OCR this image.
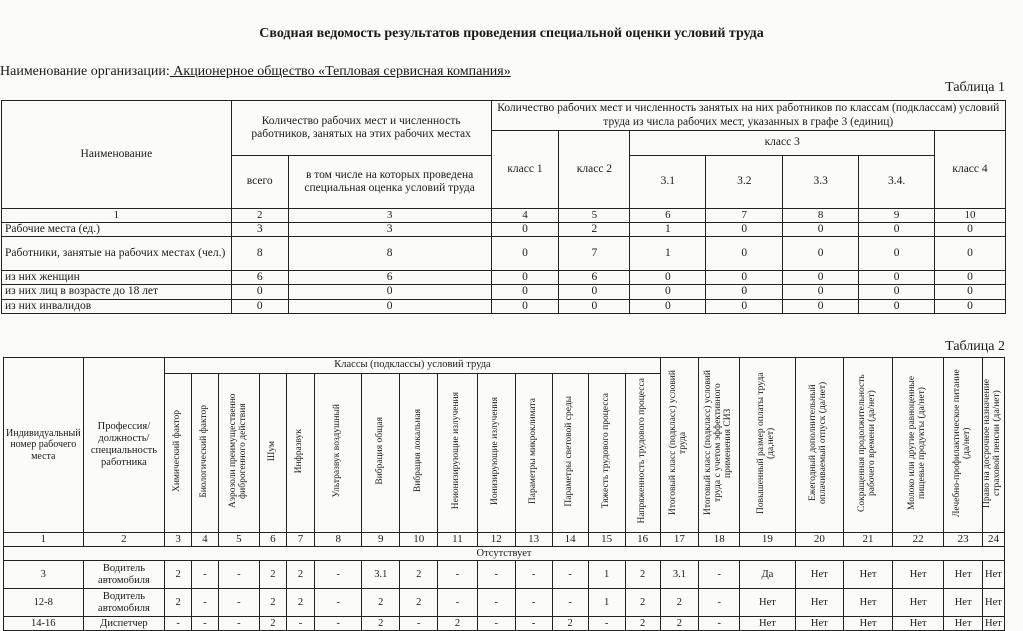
Сводная ведомость результатов проведения специальной оценки условий труда
Наименование организации: Акционерное общество «Тепловая сервисная компания»
Таблица 1
Наименование	Количество рабочих мест и численность работников, занятых на этих рабочих местах		Количество рабочих мест и численность занятых на них работников по классам (подклассам) условий труда из числа рабочих мест, указанных в графе 3 (единиц)						
			класс 1	класс 2	класс 3				класс 4
	всего	в том числе на которых проведена специальная оценка условий труда			3.1	3.2	3.3	3.4.	
1	2	3	4	5	6	7	8	9	10
Рабочие места (ед.)	3	3	0	2	1	0	0	0	0
Работники, занятые на рабочих местах (чел.)	8	8	0	7	1	0	0	0	0
из них женщин	6	6	0	6	0	0	0	0	0
из них лиц в возрасте до 18 лет	0	0	0	0	0	0	0	0	0
из них инвалидов	0	0	0	0	0	0	0	0	0
Таблица 2
Индивидуальный номер рабочего места	Профессия/должность/специальность работника	Классы (подклассы) условий труда														Итоговый класс (подкласс) условий труда	Итоговый класс (подкласс) условий труда с учетом эффективного применения СИЗ	Повышенный размер оплаты труда (да,нет)	Ежегодный дополнительный оплачиваемый отпуск (да/нет)	Сокращенная продолжительность рабочего времени (да/нет)	Молоко или другие равноценные пищевые продукты (да/нет)	Лечебно-профилактическое питание (да/нет)	Право на досрочное назначение страховой пенсии (да/нет)
		Химический фактор	Биологический фактор	Аэрозоли преимущественно фиброгенного действия	Шум	Инфразвук	Ультразвук воздушный	Вибрация общая	Вибрация локальная	Неионизирующие излучения	Ионизирующие излучения	Параметры микроклимата	Параметры световой среды	Тяжесть трудового процесса	Напряженность трудового процесса								
1	2	3	4	5	6	7	8	9	10	11	12	13	14	15	16	17	18	19	20	21	22	23	24
Отсутствует																							
3	Водитель автомобиля	2	-	-	2	2	-	3.1	2	-	-	-	-	1	2	3.1	-	Да	Нет	Нет	Нет	Нет	Нет
12-8	Водитель автомобиля	2	-	-	2	2	-	2	2	-	-	-	-	1	2	2	-	Нет	Нет	Нет	Нет	Нет	Нет
14-16	Диспетчер	-	-	-	2	-	-	2	-	2	-	-	2	-	2	2	-	Нет	Нет	Нет	Нет	Нет	Нет
